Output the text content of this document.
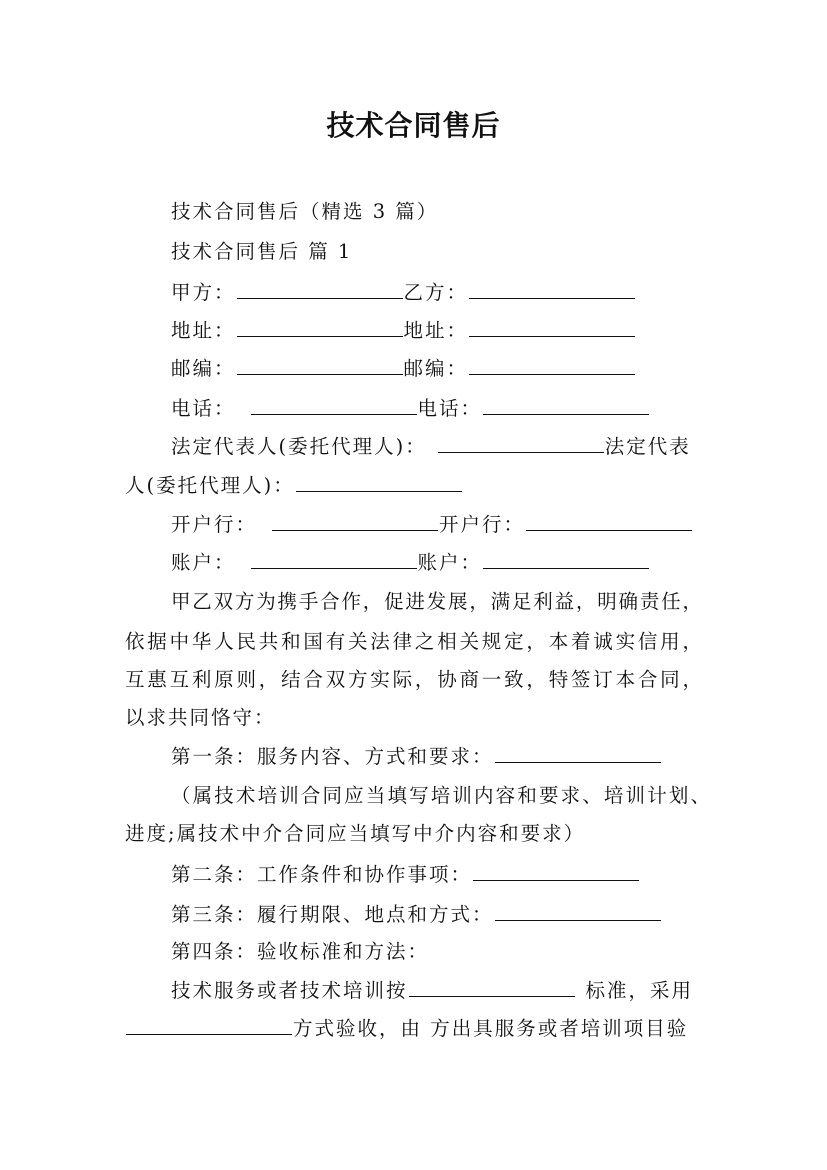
技术合同售后
技术合同售后（精选 3 篇）
技术合同售后 篇 1
甲方：	乙方：
地址：	地址：
邮编：	邮编：
电话：	电话：
法定代表人(委托代理人)：	法定代表
人(委托代理人)：
开户行：	开户行：
账户：	账户：
甲乙双方为携手合作，促进发展，满足利益，明确责任，
依据中华人民共和国有关法律之相关规定，本着诚实信用，
互惠互利原则，结合双方实际，协商一致，特签订本合同，
以求共同恪守：
第一条：服务内容、方式和要求：
（属技术培训合同应当填写培训内容和要求、培训计划、
进度;属技术中介合同应当填写中介内容和要求）
第二条：工作条件和协作事项：
第三条：履行期限、地点和方式：
第四条：验收标准和方法：
技术服务或者技术培训按	标准，采用
方式验收，由 方出具服务或者培训项目验
